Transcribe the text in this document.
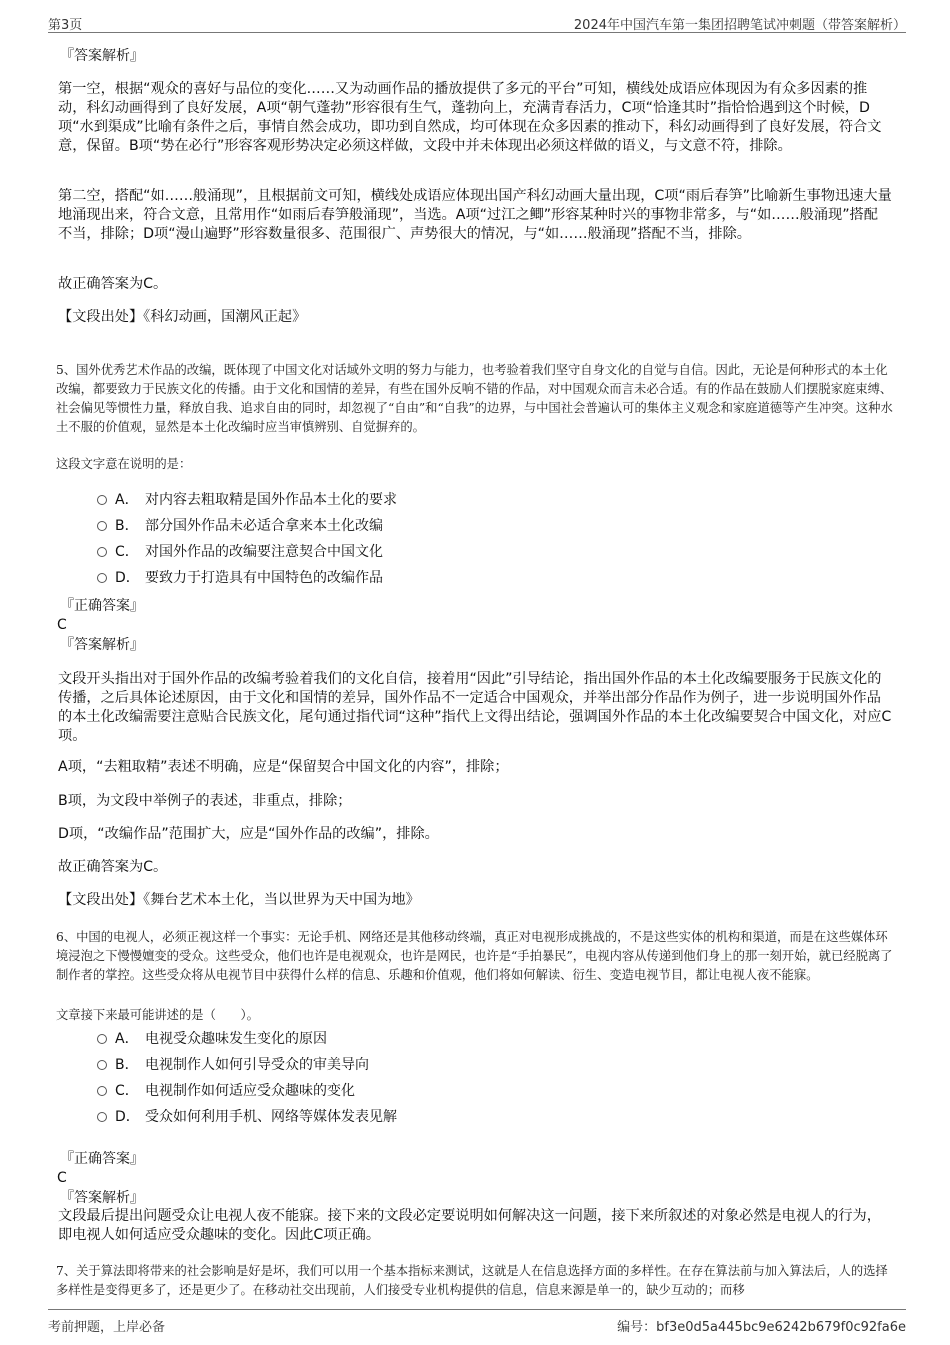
第3页	2024年中国汽车第一集团招聘笔试冲刺题（带答案解析）

『答案解析』

第一空，根据“观众的喜好与品位的变化……又为动画作品的播放提供了多元的平台”可知，横线处成语应体现因为有众多因素的推动，科幻动画得到了良好发展，A项“朝气蓬勃”形容很有生气，蓬勃向上，充满青春活力，C项“恰逢其时”指恰恰遇到这个时候，D项“水到渠成”比喻有条件之后，事情自然会成功，即功到自然成，均可体现在众多因素的推动下，科幻动画得到了良好发展，符合文意，保留。B项“势在必行”形容客观形势决定必须这样做，文段中并未体现出必须这样做的语义，与文意不符，排除。

第二空，搭配“如……般涌现”，且根据前文可知，横线处成语应体现出国产科幻动画大量出现，C项“雨后春笋”比喻新生事物迅速大量地涌现出来，符合文意，且常用作“如雨后春笋般涌现”，当选。A项“过江之鲫”形容某种时兴的事物非常多，与“如……般涌现”搭配不当，排除；D项“漫山遍野”形容数量很多、范围很广、声势很大的情况，与“如……般涌现”搭配不当，排除。

故正确答案为C。

【文段出处】《科幻动画，国潮风正起》

5、国外优秀艺术作品的改编，既体现了中国文化对话域外文明的努力与能力，也考验着我们坚守自身文化的自觉与自信。因此，无论是何种形式的本土化改编，都要致力于民族文化的传播。由于文化和国情的差异，有些在国外反响不错的作品，对中国观众而言未必合适。有的作品在鼓励人们摆脱家庭束缚、社会偏见等惯性力量，释放自我、追求自由的同时，却忽视了“自由”和“自我”的边界，与中国社会普遍认可的集体主义观念和家庭道德等产生冲突。这种水土不服的价值观，显然是本土化改编时应当审慎辨别、自觉摒弃的。

这段文字意在说明的是：

A． 对内容去粗取精是国外作品本土化的要求
B． 部分国外作品未必适合拿来本土化改编
C． 对国外作品的改编要注意契合中国文化
D． 要致力于打造具有中国特色的改编作品

『正确答案』

C

『答案解析』

文段开头指出对于国外作品的改编考验着我们的文化自信，接着用“因此”引导结论，指出国外作品的本土化改编要服务于民族文化的传播，之后具体论述原因，由于文化和国情的差异，国外作品不一定适合中国观众，并举出部分作品作为例子，进一步说明国外作品的本土化改编需要注意贴合民族文化，尾句通过指代词“这种”指代上文得出结论，强调国外作品的本土化改编要契合中国文化，对应C项。

A项，“去粗取精”表述不明确，应是“保留契合中国文化的内容”，排除；

B项，为文段中举例子的表述，非重点，排除；

D项，“改编作品”范围扩大，应是“国外作品的改编”，排除。

故正确答案为C。

【文段出处】《舞台艺术本土化，当以世界为天中国为地》

6、中国的电视人，必须正视这样一个事实：无论手机、网络还是其他移动终端，真正对电视形成挑战的，不是这些实体的机构和渠道，而是在这些媒体环境浸泡之下慢慢嬗变的受众。这些受众，他们也许是电视观众，也许是网民，也许是“手拍暴民”，电视内容从传递到他们身上的那一刻开始，就已经脱离了制作者的掌控。这些受众将从电视节目中获得什么样的信息、乐趣和价值观，他们将如何解读、衍生、变造电视节目，都让电视人夜不能寐。

文章接下来最可能讲述的是（　　）。

A． 电视受众趣味发生变化的原因
B． 电视制作人如何引导受众的审美导向
C． 电视制作如何适应受众趣味的变化
D． 受众如何利用手机、网络等媒体发表见解

『正确答案』

C

『答案解析』

文段最后提出问题受众让电视人夜不能寐。接下来的文段必定要说明如何解决这一问题，接下来所叙述的对象必然是电视人的行为，即电视人如何适应受众趣味的变化。因此C项正确。

7、关于算法即将带来的社会影响是好是坏，我们可以用一个基本指标来测试，这就是人在信息选择方面的多样性。在存在算法前与加入算法后，人的选择多样性是变得更多了，还是更少了。在移动社交出现前，人们接受专业机构提供的信息，信息来源是单一的，缺少互动的；而移

考前押题，上岸必备	编号：bf3e0d5a445bc9e6242b679f0c92fa6e
